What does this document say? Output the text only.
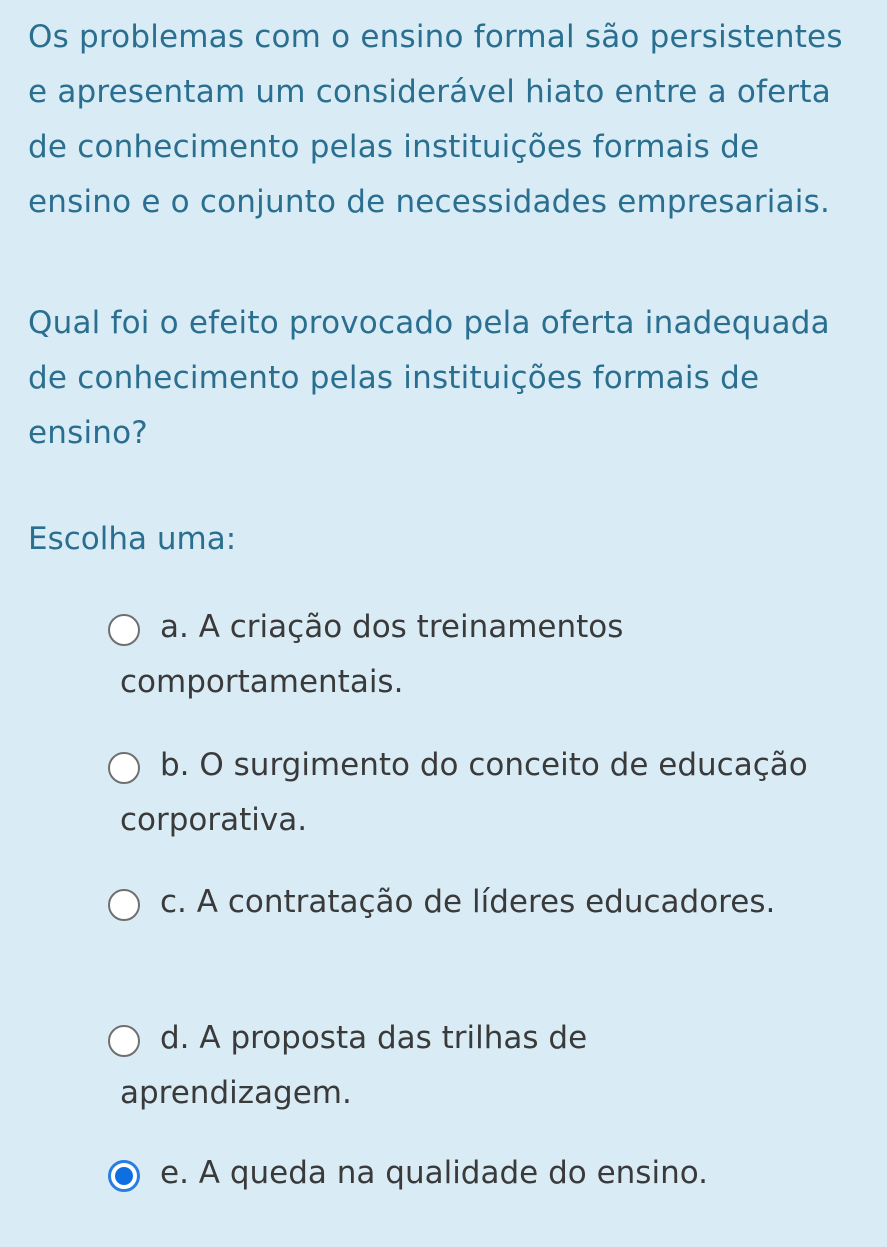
Os problemas com o ensino formal são persistentes e apresentam um considerável hiato entre a oferta de conhecimento pelas instituições formais de ensino e o conjunto de necessidades empresariais.
Qual foi o efeito provocado pela oferta inadequada de conhecimento pelas instituições formais de ensino?
Escolha uma:
a. A criação dos treinamentos comportamentais.
b. O surgimento do conceito de educação corporativa.
c. A contratação de líderes educadores.
d. A proposta das trilhas de aprendizagem.
e. A queda na qualidade do ensino.
